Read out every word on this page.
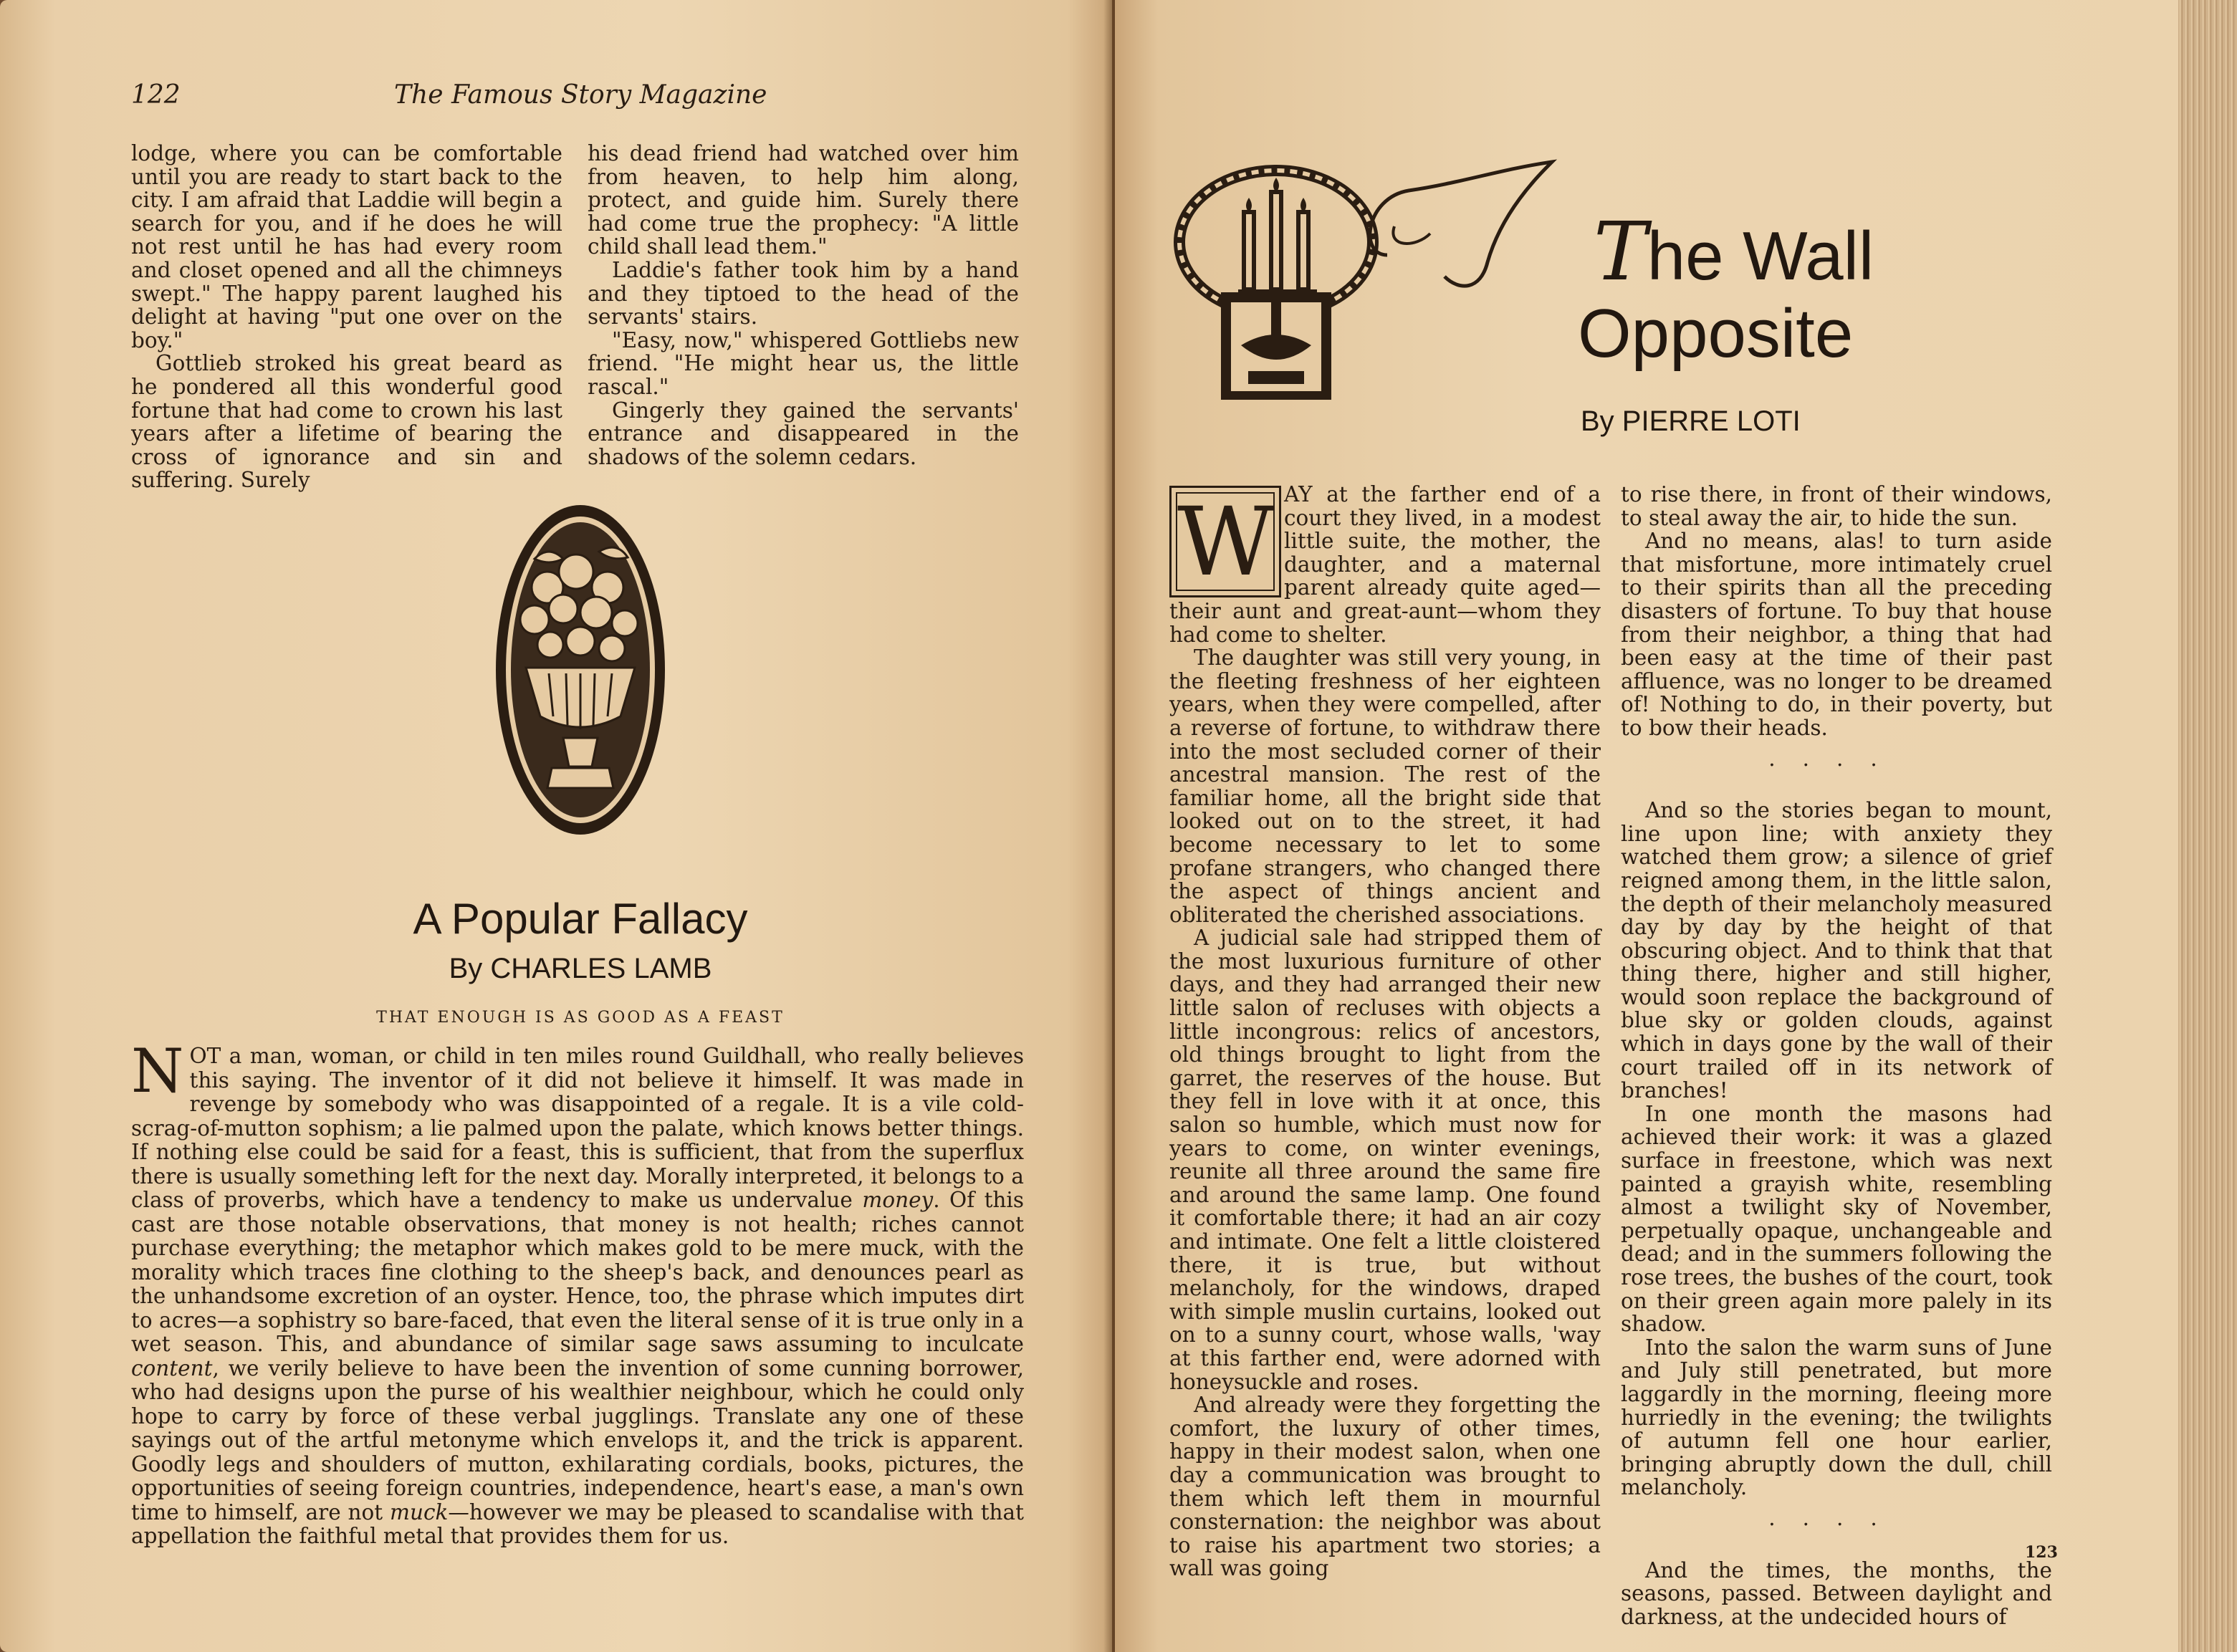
122	The Famous Story Magazine

lodge, where you can be comfortable until you are ready to start back to the city. I am afraid that Laddie will begin a search for you, and if he does he will not rest until he has had every room and closet opened and all the chimneys swept." The happy parent laughed his delight at having "put one over on the boy."

Gottlieb stroked his great beard as he pondered all this wonderful good fortune that had come to crown his last years after a lifetime of bearing the cross of ignorance and sin and suffering. Surely

his dead friend had watched over him from heaven, to help him along, protect, and guide him. Surely there had come true the prophecy: "A little child shall lead them."

Laddie's father took him by a hand and they tiptoed to the head of the servants' stairs.

"Easy, now," whispered Gottliebs new friend. "He might hear us, the little rascal."

Gingerly they gained the servants' entrance and disappeared in the shadows of the solemn cedars.

A Popular Fallacy
By CHARLES LAMB
THAT ENOUGH IS AS GOOD AS A FEAST
NOT a man, woman, or child in ten miles round Guildhall, who really believes this saying. The inventor of it did not believe it himself. It was made in revenge by somebody who was disappointed of a regale. It is a vile cold-scrag-of-mutton sophism; a lie palmed upon the palate, which knows better things. If nothing else could be said for a feast, this is sufficient, that from the superflux there is usually something left for the next day. Morally interpreted, it belongs to a class of proverbs, which have a tendency to make us undervalue money. Of this cast are those notable observations, that money is not health; riches cannot purchase everything; the metaphor which makes gold to be mere muck, with the morality which traces fine clothing to the sheep's back, and denounces pearl as the unhandsome excretion of an oyster. Hence, too, the phrase which imputes dirt to acres—a sophistry so bare-faced, that even the literal sense of it is true only in a wet season. This, and abundance of similar sage saws assuming to inculcate content, we verily believe to have been the invention of some cunning borrower, who had designs upon the purse of his wealthier neighbour, which he could only hope to carry by force of these verbal jugglings. Translate any one of these sayings out of the artful metonyme which envelops it, and the trick is apparent. Goodly legs and shoulders of mutton, exhilarating cordials, books, pictures, the opportunities of seeing foreign countries, independence, heart's ease, a man's own time to himself, are not muck—however we may be pleased to scandalise with that appellation the faithful metal that provides them for us.
The Wall
Opposite
By PIERRE LOTI
W AY at the farther end of a court they lived, in a modest little suite, the mother, the daughter, and a maternal parent already quite aged—their aunt and great-aunt—whom they had come to shelter.

The daughter was still very young, in the fleeting freshness of her eighteen years, when they were compelled, after a reverse of fortune, to withdraw there into the most secluded corner of their ancestral mansion. The rest of the familiar home, all the bright side that looked out on to the street, it had become necessary to let to some profane strangers, who changed there the aspect of things ancient and obliterated the cherished associations.

A judicial sale had stripped them of the most luxurious furniture of other days, and they had arranged their new little salon of recluses with objects a little incongrous: relics of ancestors, old things brought to light from the garret, the reserves of the house. But they fell in love with it at once, this salon so humble, which must now for years to come, on winter evenings, reunite all three around the same fire and around the same lamp. One found it comfortable there; it had an air cozy and intimate. One felt a little cloistered there, it is true, but without melancholy, for the windows, draped with simple muslin curtains, looked out on to a sunny court, whose walls, 'way at this farther end, were adorned with honeysuckle and roses.

And already were they forgetting the comfort, the luxury of other times, happy in their modest salon, when one day a communication was brought to them which left them in mournful consternation: the neighbor was about to raise his apartment two stories; a wall was going

to rise there, in front of their windows, to steal away the air, to hide the sun.

And no means, alas! to turn aside that misfortune, more intimately cruel to their spirits than all the preceding disasters of fortune. To buy that house from their neighbor, a thing that had been easy at the time of their past affluence, was no longer to be dreamed of! Nothing to do, in their poverty, but to bow their heads.

....

And so the stories began to mount, line upon line; with anxiety they watched them grow; a silence of grief reigned among them, in the little salon, the depth of their melancholy measured day by day by the height of that obscuring object. And to think that that thing there, higher and still higher, would soon replace the background of blue sky or golden clouds, against which in days gone by the wall of their court trailed off in its network of branches!

In one month the masons had achieved their work: it was a glazed surface in freestone, which was next painted a grayish white, resembling almost a twilight sky of November, perpetually opaque, unchangeable and dead; and in the summers following the rose trees, the bushes of the court, took on their green again more palely in its shadow.

Into the salon the warm suns of June and July still penetrated, but more laggardly in the morning, fleeing more hurriedly in the evening; the twilights of autumn fell one hour earlier, bringing abruptly down the dull, chill melancholy.

....

And the times, the months, the seasons, passed. Between daylight and darkness, at the undecided hours of

123
